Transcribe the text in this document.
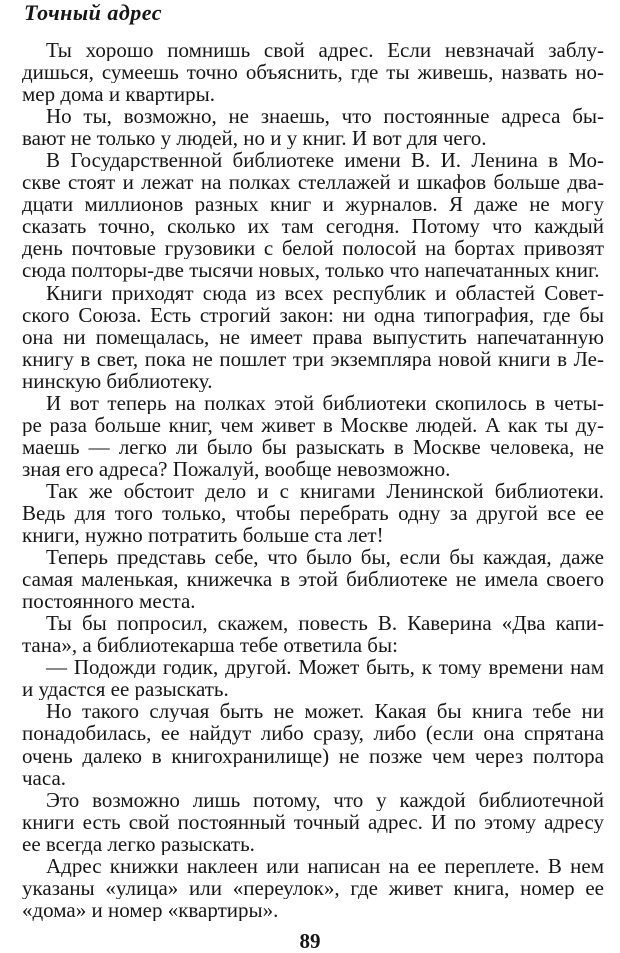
Точный адрес
Ты хорошо помнишь свой адрес. Если невзначай заблу-
дишься, сумеешь точно объяснить, где ты живешь, назвать но-
мер дома и квартиры.
Но ты, возможно, не знаешь, что постоянные адреса бы-
вают не только у людей, но и у книг. И вот для чего.
В Государственной библиотеке имени В. И. Ленина в Мо-
скве стоят и лежат на полках стеллажей и шкафов больше два-
дцати миллионов разных книг и журналов. Я даже не могу
сказать точно, сколько их там сегодня. Потому что каждый
день почтовые грузовики с белой полосой на бортах привозят
сюда полторы-две тысячи новых, только что напечатанных книг.
Книги приходят сюда из всех республик и областей Совет-
ского Союза. Есть строгий закон: ни одна типография, где бы
она ни помещалась, не имеет права выпустить напечатанную
книгу в свет, пока не пошлет три экземпляра новой книги в Ле-
нинскую библиотеку.
И вот теперь на полках этой библиотеки скопилось в четы-
ре раза больше книг, чем живет в Москве людей. А как ты ду-
маешь — легко ли было бы разыскать в Москве человека, не
зная его адреса? Пожалуй, вообще невозможно.
Так же обстоит дело и с книгами Ленинской библиотеки.
Ведь для того только, чтобы перебрать одну за другой все ее
книги, нужно потратить больше ста лет!
Теперь представь себе, что было бы, если бы каждая, даже
самая маленькая, книжечка в этой библиотеке не имела своего
постоянного места.
Ты бы попросил, скажем, повесть В. Каверина «Два капи-
тана», а библиотекарша тебе ответила бы:
— Подожди годик, другой. Может быть, к тому времени нам
и удастся ее разыскать.
Но такого случая быть не может. Какая бы книга тебе ни
понадобилась, ее найдут либо сразу, либо (если она спрятана
очень далеко в книгохранилище) не позже чем через полтора
часа.
Это возможно лишь потому, что у каждой библиотечной
книги есть свой постоянный точный адрес. И по этому адресу
ее всегда легко разыскать.
Адрес книжки наклеен или написан на ее переплете. В нем
указаны «улица» или «переулок», где живет книга, номер ее
«дома» и номер «квартиры».
89
